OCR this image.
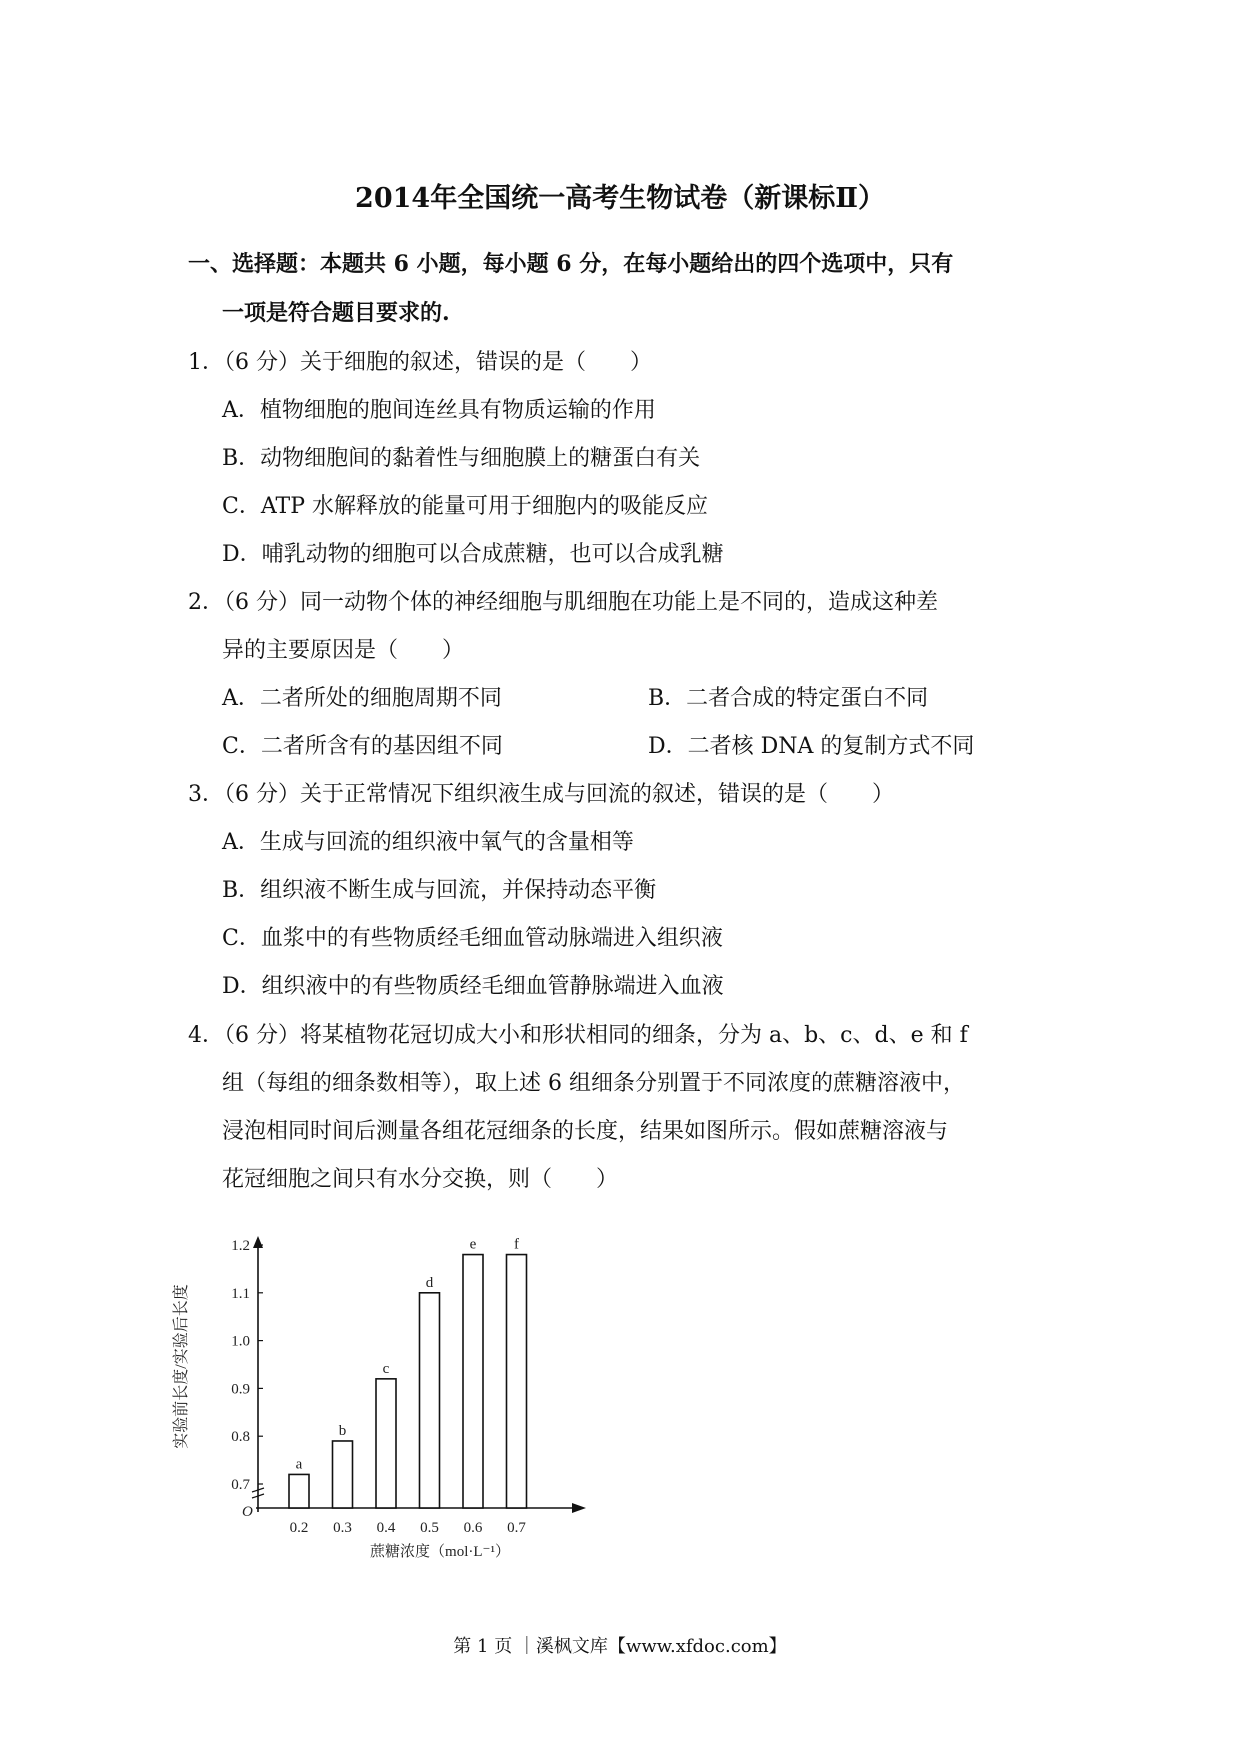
2014年全国统一高考生物试卷（新课标Ⅱ）
一、选择题：本题共 6 小题，每小题 6 分，在每小题给出的四个选项中，只有
一项是符合题目要求的.
1．（6 分）关于细胞的叙述，错误的是（　　）
A．植物细胞的胞间连丝具有物质运输的作用
B．动物细胞间的黏着性与细胞膜上的糖蛋白有关
C．ATP 水解释放的能量可用于细胞内的吸能反应
D．哺乳动物的细胞可以合成蔗糖，也可以合成乳糖
2．（6 分）同一动物个体的神经细胞与肌细胞在功能上是不同的，造成这种差
异的主要原因是（　　）
A．二者所处的细胞周期不同	B．二者合成的特定蛋白不同
C．二者所含有的基因组不同	D．二者核 DNA 的复制方式不同
3．（6 分）关于正常情况下组织液生成与回流的叙述，错误的是（　　）
A．生成与回流的组织液中氧气的含量相等
B．组织液不断生成与回流，并保持动态平衡
C．血浆中的有些物质经毛细血管动脉端进入组织液
D．组织液中的有些物质经毛细血管静脉端进入血液
4．（6 分）将某植物花冠切成大小和形状相同的细条，分为 a、b、c、d、e 和 f
组（每组的细条数相等），取上述 6 组细条分别置于不同浓度的蔗糖溶液中，
浸泡相同时间后测量各组花冠细条的长度，结果如图所示。假如蔗糖溶液与
花冠细胞之间只有水分交换，则（　　）
O
0.7
0.8
0.9
1.0
1.1
1.2
a
0.2
b
0.3
c
0.4
d
0.5
e
0.6
f
0.7
实验前长度/实验后长度
蔗糖浓度（mol·L⁻¹）
第 1 页 ｜溪枫文库【www.xfdoc.com】
